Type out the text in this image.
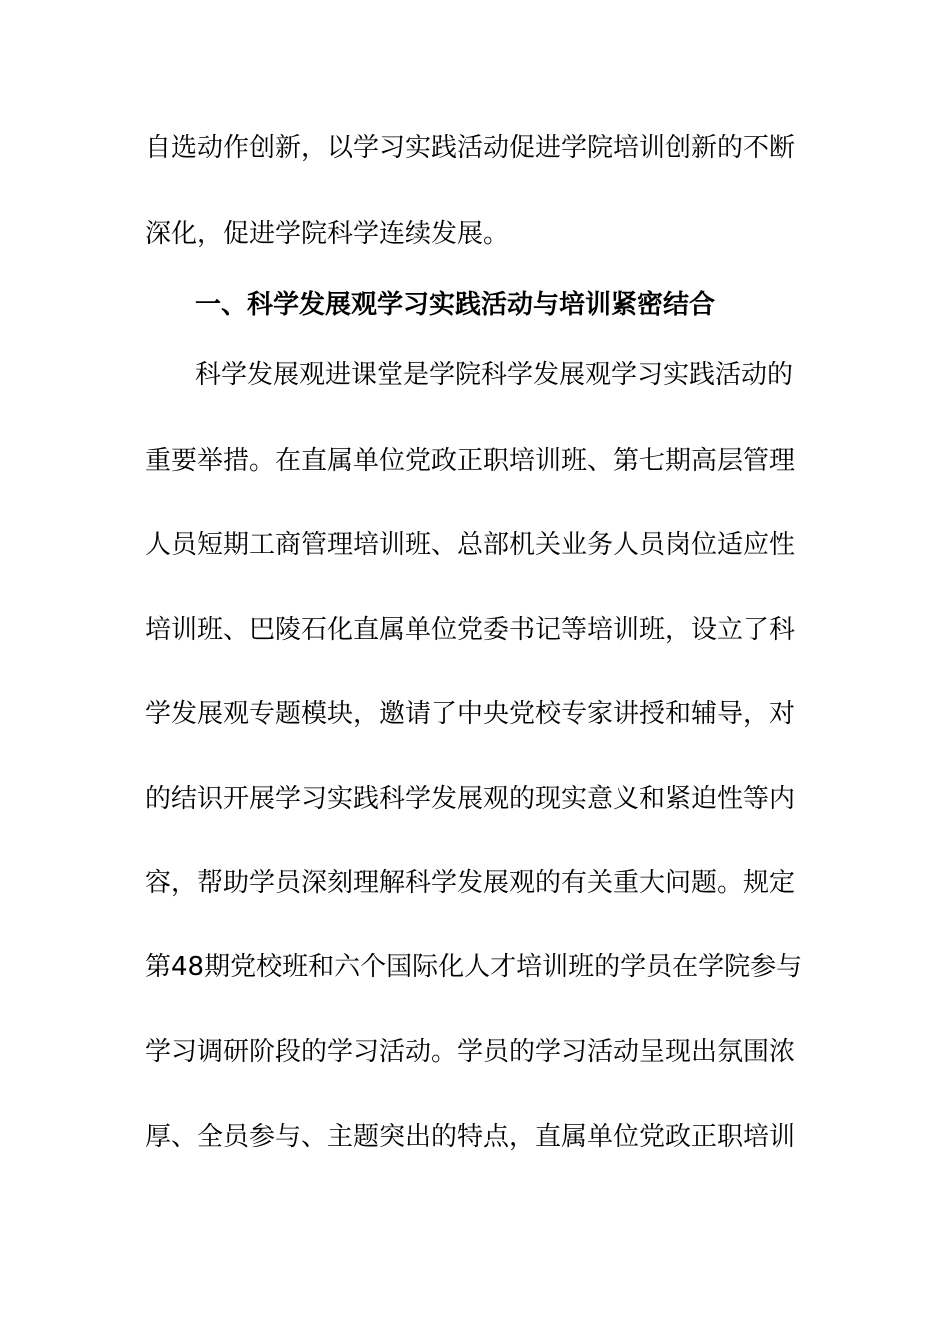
自选动作创新，以学习实践活动促进学院培训创新的不断
深化，促进学院科学连续发展。
一、科学发展观学习实践活动与培训紧密结合
科学发展观进课堂是学院科学发展观学习实践活动的
重要举措。在直属单位党政正职培训班、第七期高层管理
人员短期工商管理培训班、总部机关业务人员岗位适应性
培训班、巴陵石化直属单位党委书记等培训班，设立了科
学发展观专题模块，邀请了中央党校专家讲授和辅导，对
的结识开展学习实践科学发展观的现实意义和紧迫性等内
容，帮助学员深刻理解科学发展观的有关重大问题。规定
第48期党校班和六个国际化人才培训班的学员在学院参与
学习调研阶段的学习活动。学员的学习活动呈现出氛围浓
厚、全员参与、主题突出的特点，直属单位党政正职培训
